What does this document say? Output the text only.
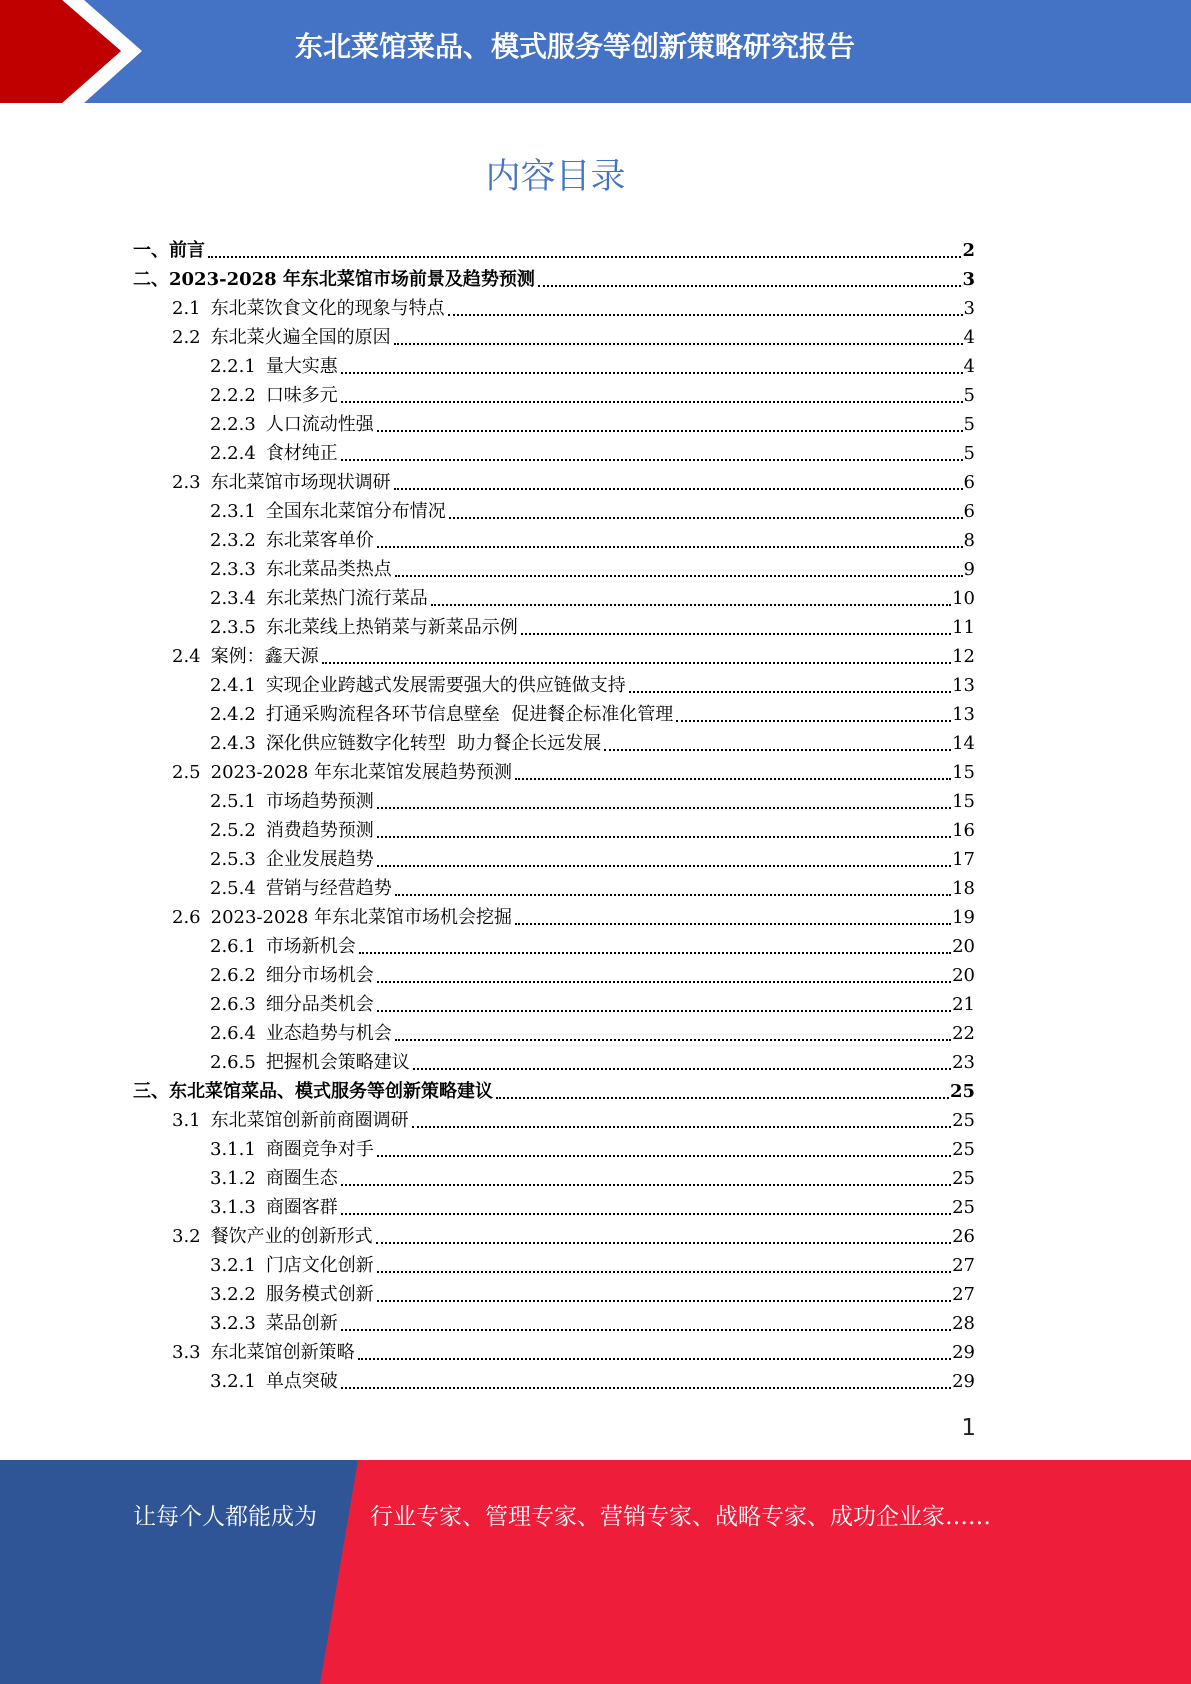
东北菜馆菜品、模式服务等创新策略研究报告
内容目录
一、 前言	2
二、 2023-2028 年东北菜馆市场前景及趋势预测	3
2.1 东北菜饮食文化的现象与特点	3
2.2 东北菜火遍全国的原因	4
2.2.1 量大实惠	4
2.2.2 口味多元	5
2.2.3 人口流动性强	5
2.2.4 食材纯正	5
2.3 东北菜馆市场现状调研	6
2.3.1 全国东北菜馆分布情况	6
2.3.2 东北菜客单价	8
2.3.3 东北菜品类热点	9
2.3.4 东北菜热门流行菜品	10
2.3.5 东北菜线上热销菜与新菜品示例	11
2.4 案例：鑫天源	12
2.4.1 实现企业跨越式发展需要强大的供应链做支持	13
2.4.2 打通采购流程各环节信息壁垒  促进餐企标准化管理	13
2.4.3 深化供应链数字化转型  助力餐企长远发展	14
2.5 2023-2028 年东北菜馆发展趋势预测	15
2.5.1 市场趋势预测	15
2.5.2 消费趋势预测	16
2.5.3 企业发展趋势	17
2.5.4 营销与经营趋势	18
2.6 2023-2028 年东北菜馆市场机会挖掘	19
2.6.1 市场新机会	20
2.6.2 细分市场机会	20
2.6.3 细分品类机会	21
2.6.4 业态趋势与机会	22
2.6.5 把握机会策略建议	23
三、 东北菜馆菜品、模式服务等创新策略建议	25
3.1 东北菜馆创新前商圈调研	25
3.1.1 商圈竞争对手	25
3.1.2 商圈生态	25
3.1.3 商圈客群	25
3.2 餐饮产业的创新形式	26
3.2.1 门店文化创新	27
3.2.2 服务模式创新	27
3.2.3 菜品创新	28
3.3 东北菜馆创新策略	29
3.2.1 单点突破	29
1
让每个人都能成为 行业专家、管理专家、营销专家、战略专家、成功企业家……
